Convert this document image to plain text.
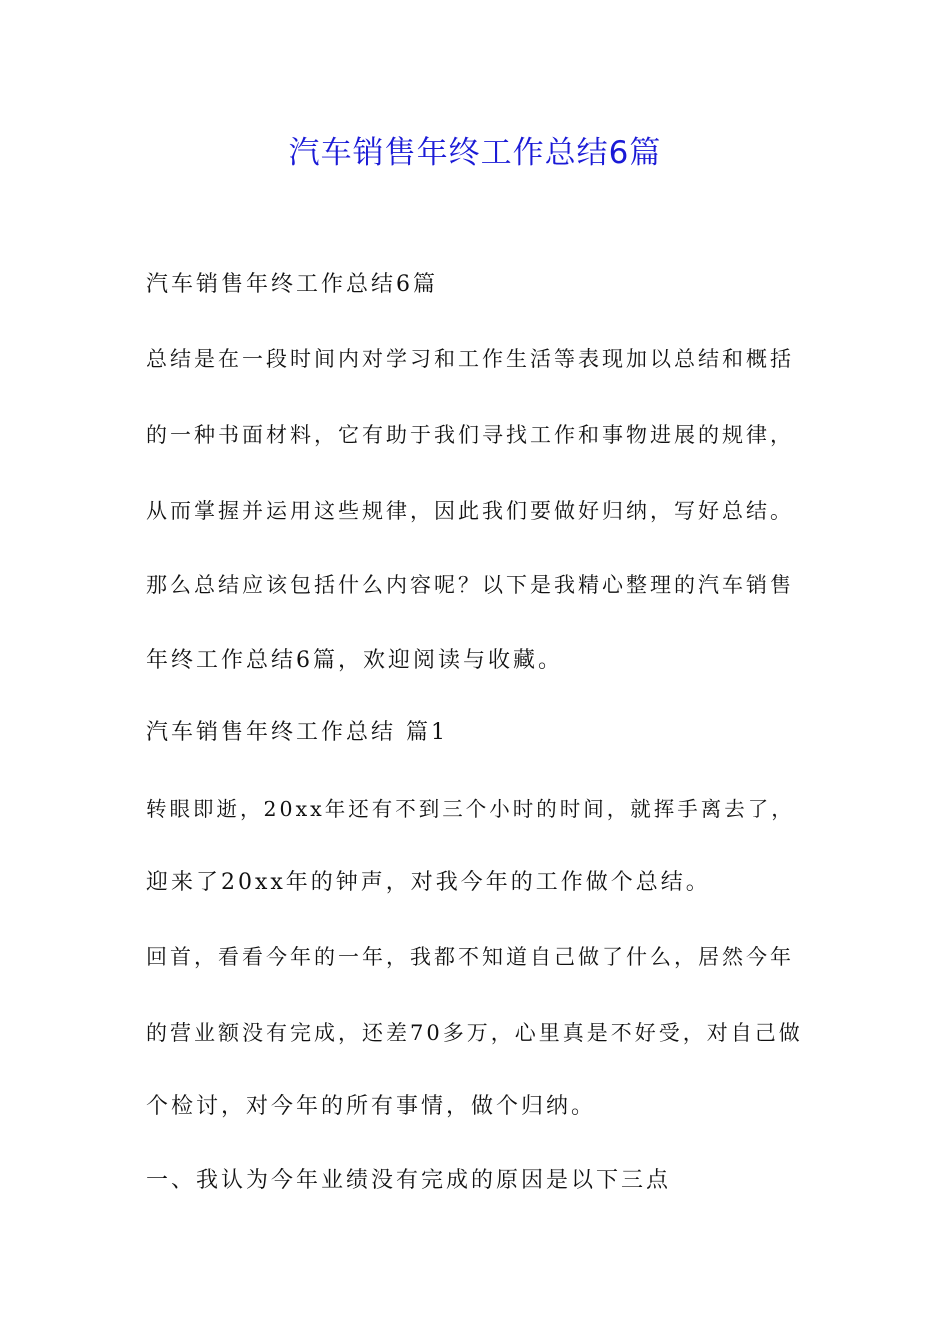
汽车销售年终工作总结6篇
汽车销售年终工作总结6篇
总结是在一段时间内对学习和工作生活等表现加以总结和概括
的一种书面材料，它有助于我们寻找工作和事物进展的规律，
从而掌握并运用这些规律，因此我们要做好归纳，写好总结。
那么总结应该包括什么内容呢？以下是我精心整理的汽车销售
年终工作总结6篇，欢迎阅读与收藏。
汽车销售年终工作总结 篇1
转眼即逝，20xx年还有不到三个小时的时间，就挥手离去了，
迎来了20xx年的钟声，对我今年的工作做个总结。
回首，看看今年的一年，我都不知道自己做了什么，居然今年
的营业额没有完成，还差70多万，心里真是不好受，对自己做
个检讨，对今年的所有事情，做个归纳。
一、我认为今年业绩没有完成的原因是以下三点
